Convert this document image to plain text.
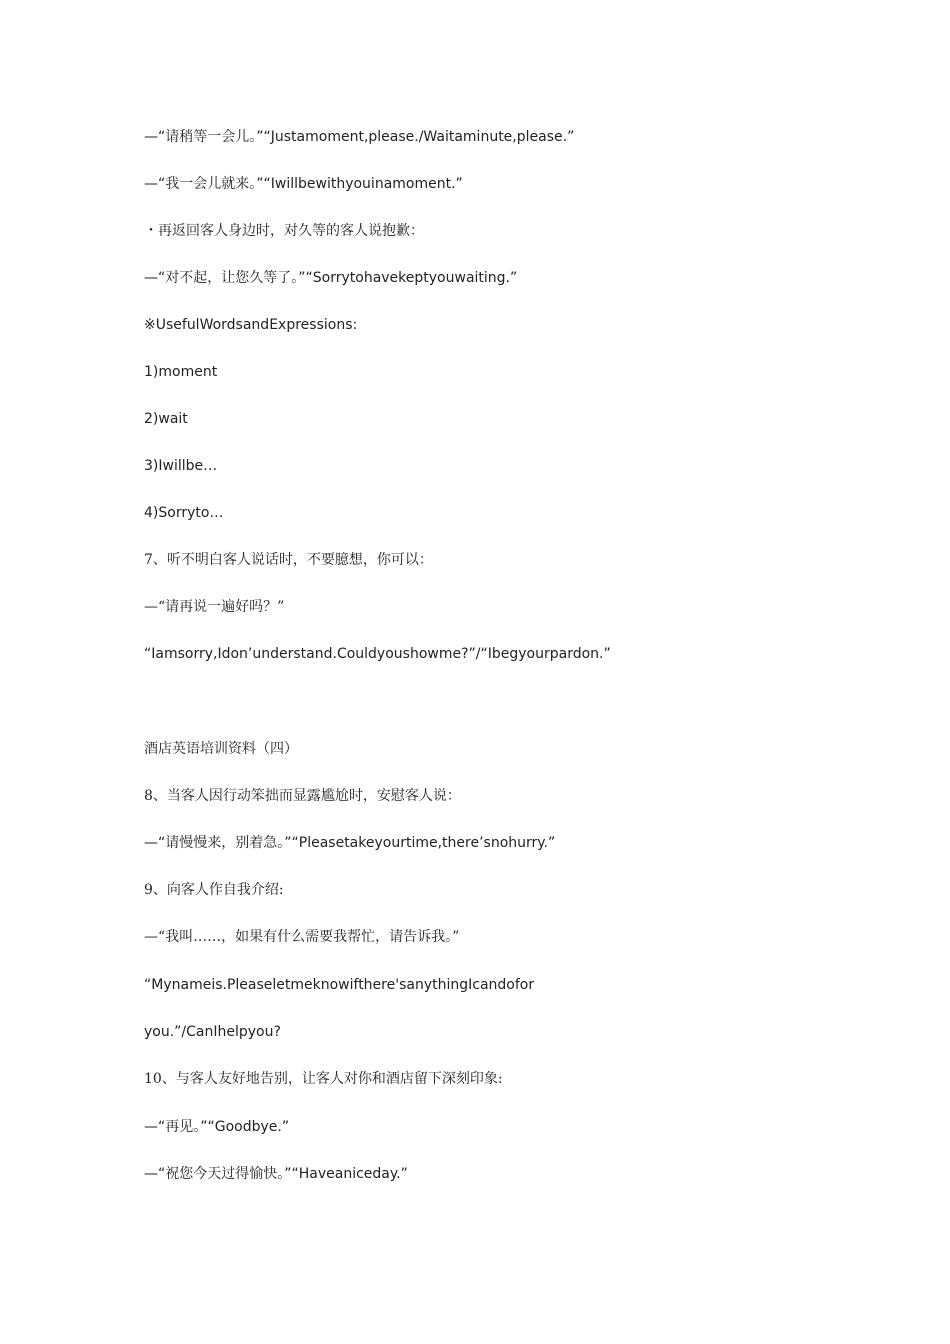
—“请稍等一会儿。”“Justamoment,please./Waitaminute,please.”

—“我一会儿就来。”“Iwillbewithyouinamoment.”

・再返回客人身边时，对久等的客人说抱歉：

—“对不起，让您久等了。”“Sorrytohavekeptyouwaiting.”

※UsefulWordsandExpressions:

1)moment

2)wait

3)Iwillbe…

4)Sorryto…

7、听不明白客人说话时，不要臆想，你可以：

—“请再说一遍好吗？”

“Iamsorry,Idon’understand.Couldyoushowme?”/“Ibegyourpardon.”

酒店英语培训资料（四）

8、当客人因行动笨拙而显露尴尬时，安慰客人说：

—“请慢慢来，别着急。”“Pleasetakeyourtime,there’snohurry.”

9、向客人作自我介绍:

—“我叫……，如果有什么需要我帮忙，请告诉我。”

“Mynameis.Pleaseletmeknowifthere'sanythingIcandofor

you.”/CanIhelpyou?

10、与客人友好地告别，让客人对你和酒店留下深刻印象:

—“再见。”“Goodbye.”

—“祝您今天过得愉快。”“Haveaniceday.”
